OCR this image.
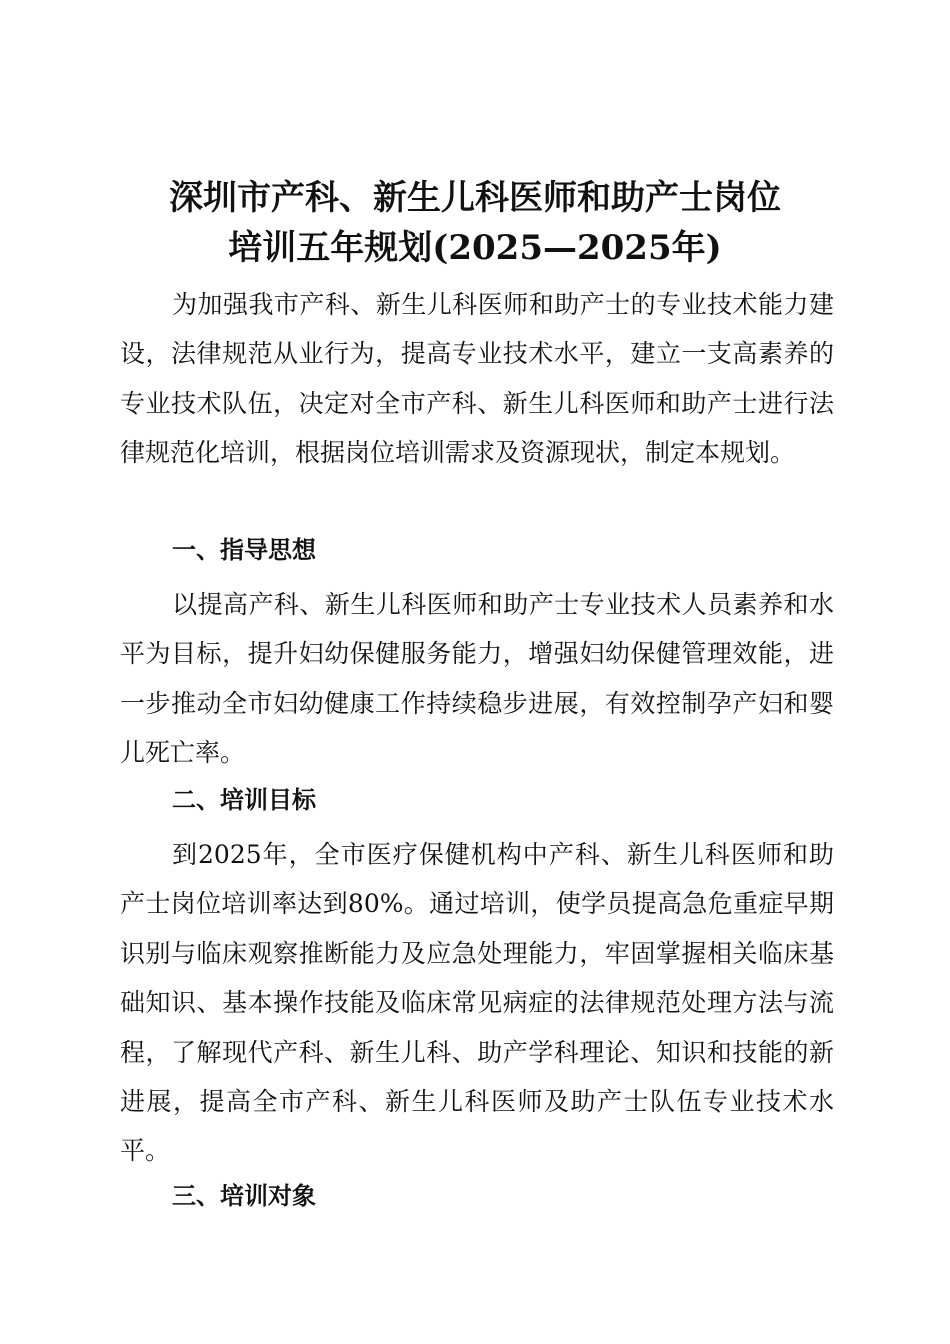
深圳市产科、新生儿科医师和助产士岗位
培训五年规划(2025—2025年)

为加强我市产科、新生儿科医师和助产士的专业技术能力建设，法律规范从业行为，提高专业技术水平，建立一支高素养的专业技术队伍，决定对全市产科、新生儿科医师和助产士进行法律规范化培训，根据岗位培训需求及资源现状，制定本规划。

一、指导思想

以提高产科、新生儿科医师和助产士专业技术人员素养和水平为目标，提升妇幼保健服务能力，增强妇幼保健管理效能，进一步推动全市妇幼健康工作持续稳步进展，有效控制孕产妇和婴儿死亡率。

二、培训目标

到2025年，全市医疗保健机构中产科、新生儿科医师和助产士岗位培训率达到80%。通过培训，使学员提高急危重症早期识别与临床观察推断能力及应急处理能力，牢固掌握相关临床基础知识、基本操作技能及临床常见病症的法律规范处理方法与流程，了解现代产科、新生儿科、助产学科理论、知识和技能的新进展，提高全市产科、新生儿科医师及助产士队伍专业技术水平。

三、培训对象
